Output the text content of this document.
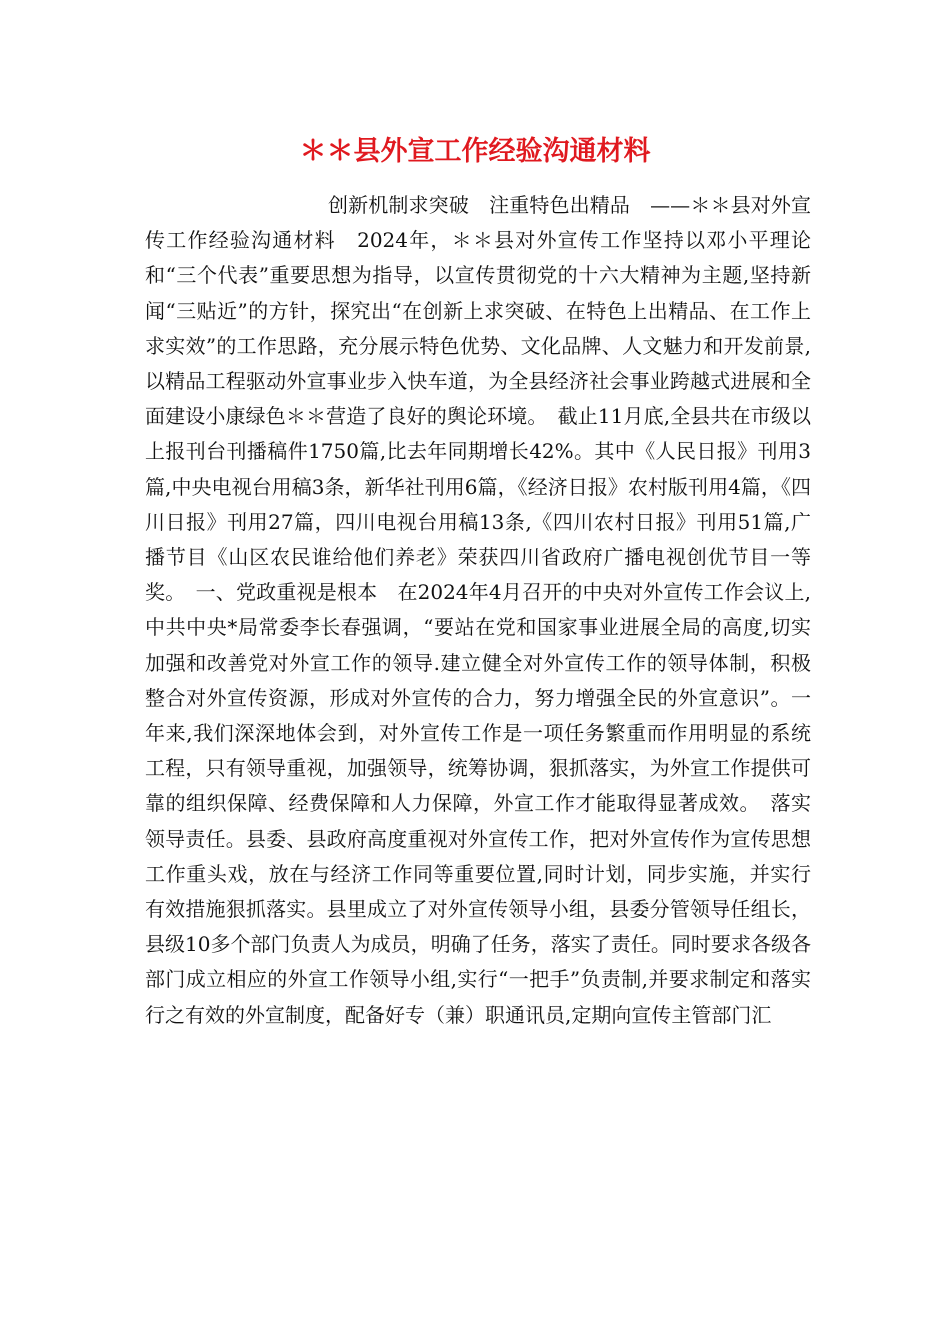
＊＊县外宣工作经验沟通材料

创新机制求突破　注重特色出精品　——＊＊县对外宣传工作经验沟通材料　2024年，＊＊县对外宣传工作坚持以邓小平理论和“三个代表”重要思想为指导，以宣传贯彻党的十六大精神为主题,坚持新闻“三贴近”的方针，探究出“在创新上求突破、在特色上出精品、在工作上求实效”的工作思路，充分展示特色优势、文化品牌、人文魅力和开发前景,以精品工程驱动外宣事业步入快车道，为全县经济社会事业跨越式进展和全面建设小康绿色＊＊营造了良好的舆论环境。　截止11月底,全县共在市级以上报刊台刊播稿件1750篇,比去年同期增长42%。其中《人民日报》刊用3篇,中央电视台用稿3条，新华社刊用6篇，《经济日报》农村版刊用4篇，《四川日报》刊用27篇，四川电视台用稿13条,《四川农村日报》刊用51篇,广播节目《山区农民谁给他们养老》荣获四川省政府广播电视创优节目一等奖。　一、党政重视是根本　在2024年4月召开的中央对外宣传工作会议上,中共中央*局常委李长春强调，“要站在党和国家事业进展全局的高度,切实加强和改善党对外宣工作的领导.建立健全对外宣传工作的领导体制，积极整合对外宣传资源，形成对外宣传的合力，努力增强全民的外宣意识”。一年来,我们深深地体会到，对外宣传工作是一项任务繁重而作用明显的系统工程，只有领导重视，加强领导，统筹协调，狠抓落实，为外宣工作提供可靠的组织保障、经费保障和人力保障，外宣工作才能取得显著成效。　落实领导责任。县委、县政府高度重视对外宣传工作，把对外宣传作为宣传思想工作重头戏，放在与经济工作同等重要位置,同时计划，同步实施，并实行有效措施狠抓落实。县里成立了对外宣传领导小组，县委分管领导任组长，县级10多个部门负责人为成员，明确了任务，落实了责任。同时要求各级各部门成立相应的外宣工作领导小组,实行“一把手”负责制,并要求制定和落实行之有效的外宣制度，配备好专（兼）职通讯员,定期向宣传主管部门汇
